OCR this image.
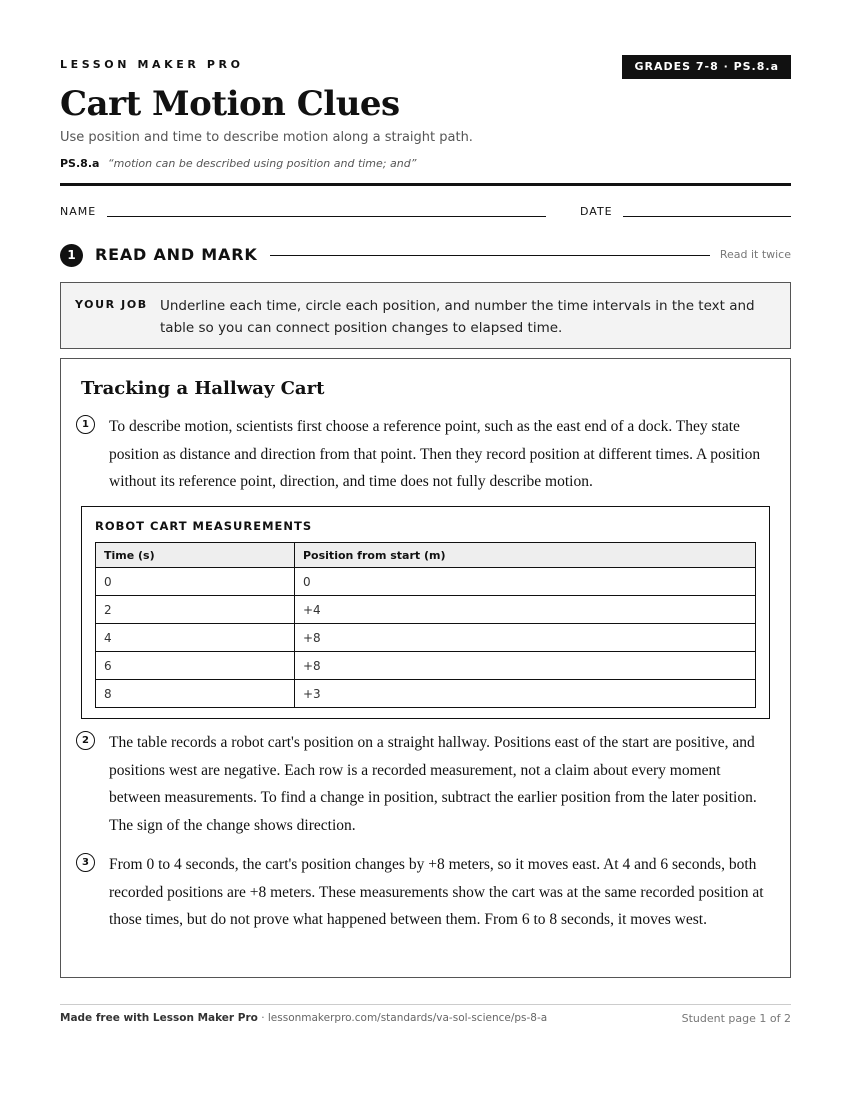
LESSON MAKER PRO	GRADES 7-8 · PS.8.a
Cart Motion Clues
Use position and time to describe motion along a straight path.
PS.8.a “motion can be described using position and time; and”
NAME	DATE
1	READ AND MARK	Read it twice
YOUR JOB Underline each time, circle each position, and number the time intervals in the text and table so you can connect position changes to elapsed time.
Tracking a Hallway Cart
1	To describe motion, scientists first choose a reference point, such as the east end of a dock. They state position as distance and direction from that point. Then they record position at different times. A position without its reference point, direction, and time does not fully describe motion.

ROBOT CART MEASUREMENTS
Time (s)	Position from start (m)
0	0
2	+4
4	+8
6	+8
8	+3
2	The table records a robot cart's position on a straight hallway. Positions east of the start are positive, and positions west are negative. Each row is a recorded measurement, not a claim about every moment between measurements. To find a change in position, subtract the earlier position from the later position. The sign of the change shows direction.

3	From 0 to 4 seconds, the cart's position changes by +8 meters, so it moves east. At 4 and 6 seconds, both recorded positions are +8 meters. These measurements show the cart was at the same recorded position at those times, but do not prove what happened between them. From 6 to 8 seconds, it moves west.

Made free with Lesson Maker Pro · lessonmakerpro.com/standards/va-sol-science/ps-8-a	Student page 1 of 2
